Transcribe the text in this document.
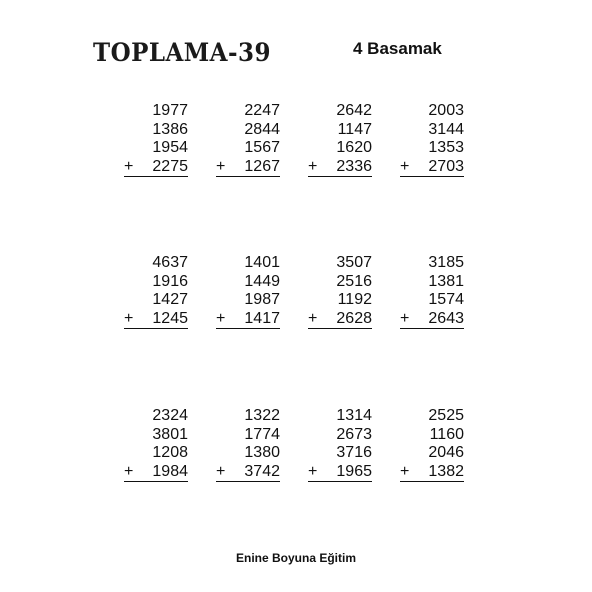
TOPLAMA-39	4 Basamak
1977
1386
1954
+ 2275
2247
2844
1567
+ 1267
2642
1147
1620
+ 2336
2003
3144
1353
+ 2703
4637
1916
1427
+ 1245
1401
1449
1987
+ 1417
3507
2516
1192
+ 2628
3185
1381
1574
+ 2643
2324
3801
1208
+ 1984
1322
1774
1380
+ 3742
1314
2673
3716
+ 1965
2525
1160
2046
+ 1382
Enine Boyuna Eğitim
